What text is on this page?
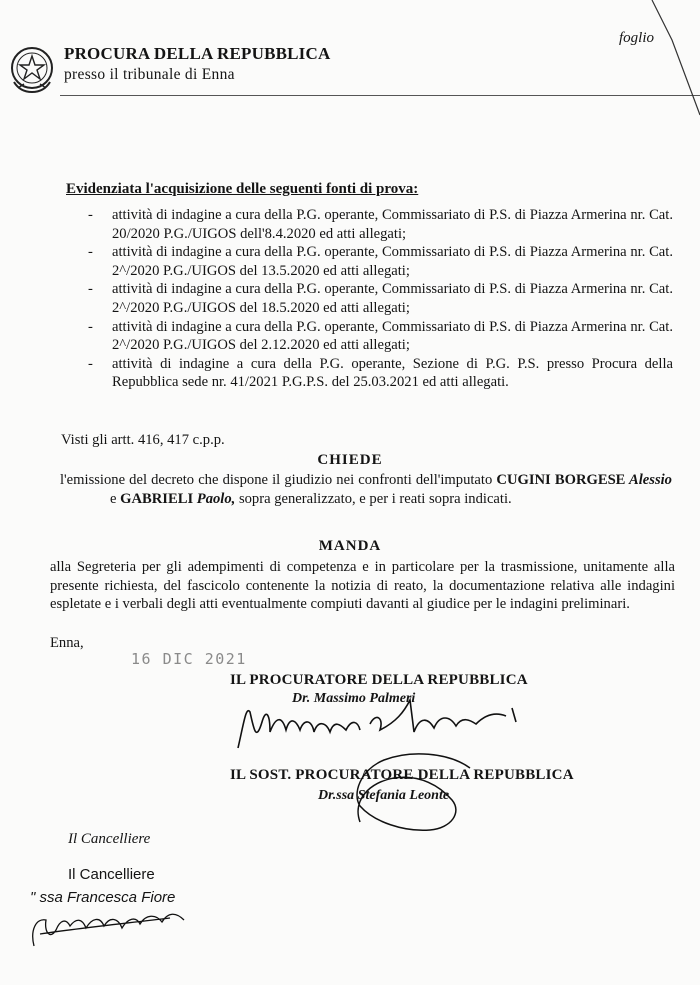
PROCURA DELLA REPUBBLICA
presso il tribunale di Enna
foglio
Evidenziata l'acquisizione delle seguenti fonti di prova:
- attività di indagine a cura della P.G. operante, Commissariato di P.S. di Piazza Armerina nr. Cat. 20/2020 P.G./UIGOS dell'8.4.2020 ed atti allegati;
- attività di indagine a cura della P.G. operante, Commissariato di P.S. di Piazza Armerina nr. Cat. 2^/2020 P.G./UIGOS del 13.5.2020 ed atti allegati;
- attività di indagine a cura della P.G. operante, Commissariato di P.S. di Piazza Armerina nr. Cat. 2^/2020 P.G./UIGOS del 18.5.2020 ed atti allegati;
- attività di indagine a cura della P.G. operante, Commissariato di P.S. di Piazza Armerina nr. Cat. 2^/2020 P.G./UIGOS del 2.12.2020 ed atti allegati;
- attività di indagine a cura della P.G. operante, Sezione di P.G. P.S. presso Procura della Repubblica sede nr. 41/2021 P.G.P.S. del 25.03.2021 ed atti allegati.
Visti gli artt. 416, 417 c.p.p.
CHIEDE
l'emissione del decreto che dispone il giudizio nei confronti dell'imputato CUGINI BORGESE Alessio e GABRIELI Paolo, sopra generalizzato, e per i reati sopra indicati.
MANDA
alla Segreteria per gli adempimenti di competenza e in particolare per la trasmissione, unitamente alla presente richiesta, del fascicolo contenente la notizia di reato, la documentazione relativa alle indagini espletate e i verbali degli atti eventualmente compiuti davanti al giudice per le indagini preliminari.
Enna,
16 DIC 2021
IL PROCURATORE DELLA REPUBBLICA
Dr. Massimo Palmeri
IL SOST. PROCURATORE DELLA REPUBBLICA
Dr.ssa Stefania Leonte
Il Cancelliere
Il Cancelliere
" ssa Francesca Fiore
